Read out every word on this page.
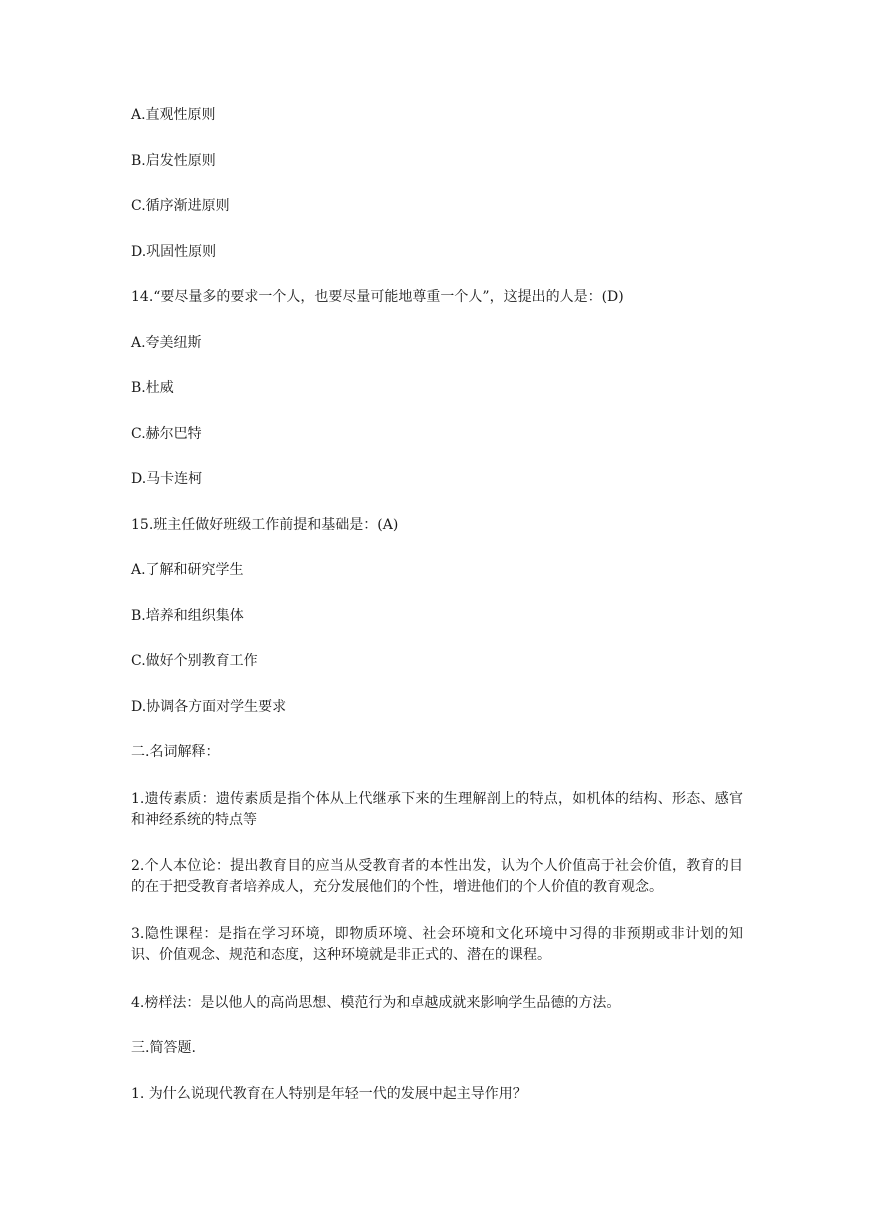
A.直观性原则

B.启发性原则

C.循序渐进原则

D.巩固性原则

14.“要尽量多的要求一个人，也要尽量可能地尊重一个人”，这提出的人是：(D)

A.夸美纽斯

B.杜威

C.赫尔巴特

D.马卡连柯

15.班主任做好班级工作前提和基础是：(A)

A.了解和研究学生

B.培养和组织集体

C.做好个别教育工作

D.协调各方面对学生要求

二.名词解释：

1.遗传素质：遗传素质是指个体从上代继承下来的生理解剖上的特点，如机体的结构、形态、感官和神经系统的特点等

2.个人本位论：提出教育目的应当从受教育者的本性出发，认为个人价值高于社会价值，教育的目的在于把受教育者培养成人，充分发展他们的个性，增进他们的个人价值的教育观念。

3.隐性课程：是指在学习环境，即物质环境、社会环境和文化环境中习得的非预期或非计划的知识、价值观念、规范和态度，这种环境就是非正式的、潜在的课程。

4.榜样法：是以他人的高尚思想、模范行为和卓越成就来影响学生品德的方法。

三.简答题.

1. 为什么说现代教育在人特别是年轻一代的发展中起主导作用？
